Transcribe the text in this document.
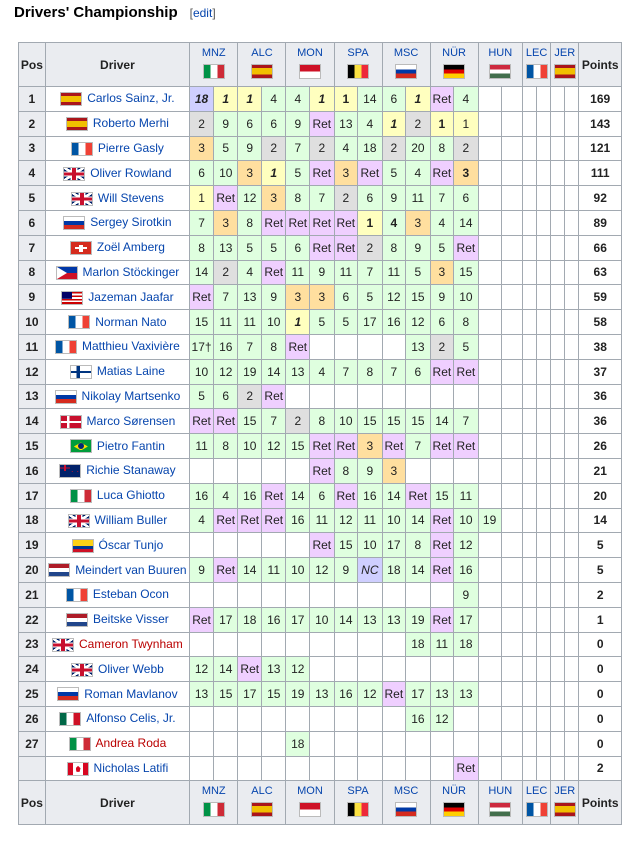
Drivers' Championship [edit]
Pos	Driver	MNZ		ALC		MON		SPA		MSC		NÜR		HUN		LEC		JER		Points
1	Carlos Sainz, Jr.	18	1	1	4	4	1	1	14	6	1	Ret	4							169
2	Roberto Merhi	2	9	6	6	9	Ret	13	4	1	2	1	1							143
3	Pierre Gasly	3	5	9	2	7	2	4	18	2	20	8	2							121
4	Oliver Rowland	6	10	3	1	5	Ret	3	Ret	5	4	Ret	3							111
5	Will Stevens	1	Ret	12	3	8	7	2	6	9	11	7	6							92
6	Sergey Sirotkin	7	3	8	Ret	Ret	Ret	Ret	1	4	3	4	14							89
7	Zoël Amberg	8	13	5	5	6	Ret	Ret	2	8	9	5	Ret							66
8	Marlon Stöckinger	14	2	4	Ret	11	9	11	7	11	5	3	15							63
9	Jazeman Jaafar	Ret	7	13	9	3	3	6	5	12	15	9	10							59
10	Norman Nato	15	11	11	10	1	5	5	17	16	12	6	8							58
11	Matthieu Vaxivière	17†	16	7	8	Ret					13	2	5							38
12	Matias Laine	10	12	19	14	13	4	7	8	7	6	Ret	Ret							37
13	Nikolay Martsenko	5	6	2	Ret															36
14	Marco Sørensen	Ret	Ret	15	7	2	8	10	15	15	15	14	7							36
15	Pietro Fantin	11	8	10	12	15	Ret	Ret	3	Ret	7	Ret	Ret							26
16	· ·Richie Stanaway						Ret	8	9	3										21
17	Luca Ghiotto	16	4	16	Ret	14	6	Ret	16	14	Ret	15	11							20
18	William Buller	4	Ret	Ret	Ret	16	11	12	11	10	14	Ret	10	19						14
19	Óscar Tunjo						Ret	15	10	17	8	Ret	12							5
20	Meindert van Buuren	9	Ret	14	11	10	12	9	NC	18	14	Ret	16							5
21	Esteban Ocon												9							2
22	Beitske Visser	Ret	17	18	16	17	10	14	13	13	19	Ret	17							1
23	Cameron Twynham										18	11	18							0
24	Oliver Webb	12	14	Ret	13	12														0
25	Roman Mavlanov	13	15	17	15	19	13	16	12	Ret	17	13	13							0
26	Alfonso Celis, Jr.										16	12								0
27	Andrea Roda					18														0
	Nicholas Latifi												Ret							2
Pos	Driver	MNZ		ALC		MON		SPA		MSC		NÜR		HUN		LEC		JER		Points
